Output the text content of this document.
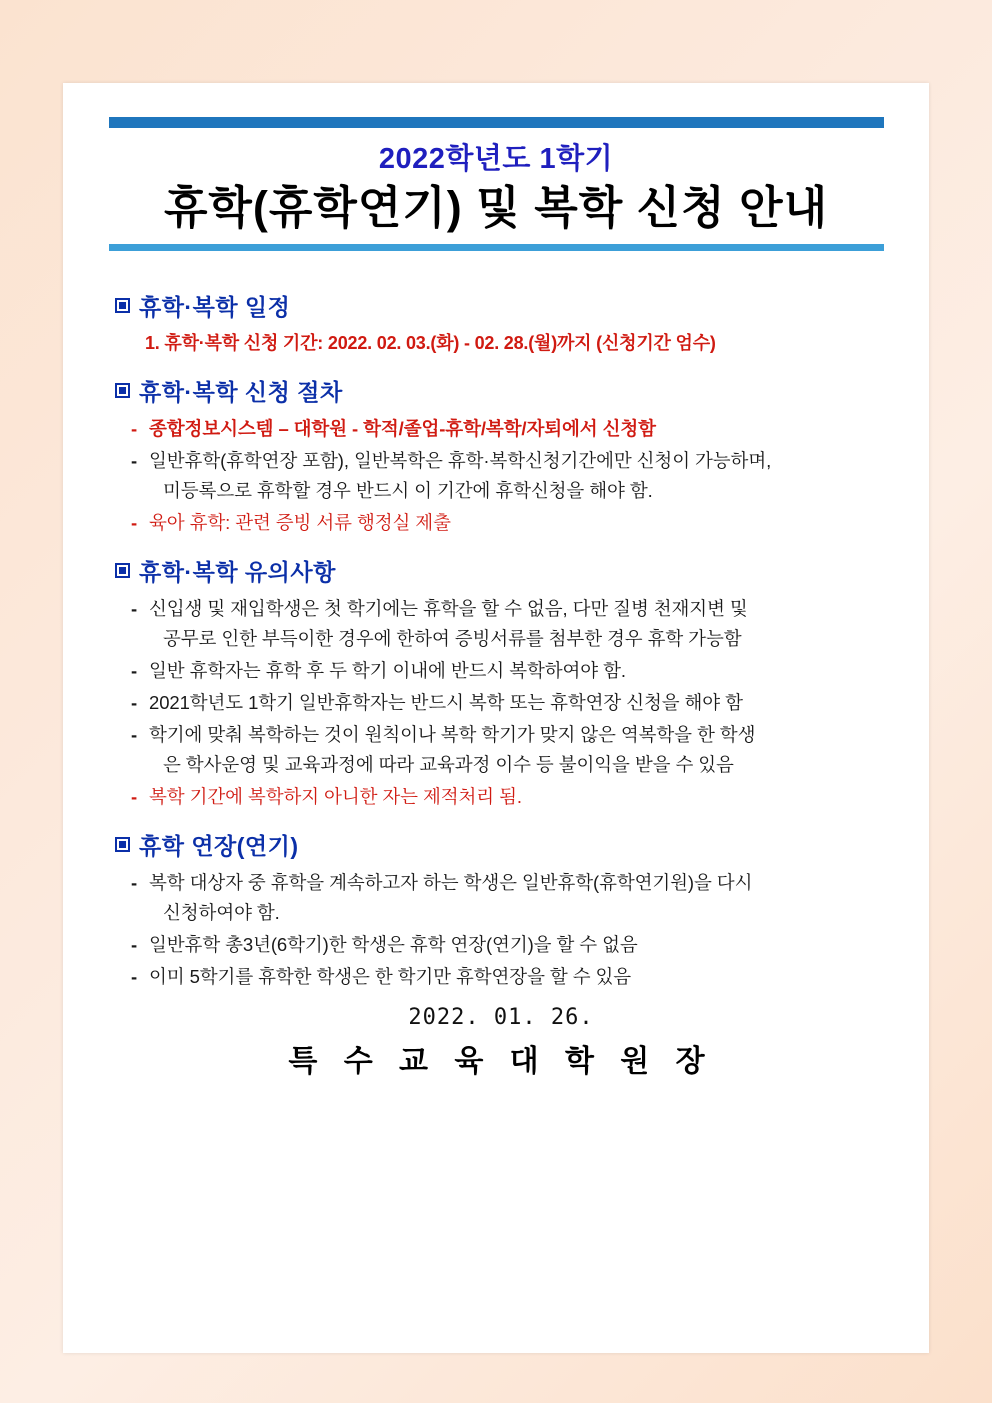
2022학년도 1학기
휴학(휴학연기) 및 복학 신청 안내
휴학·복학 일정
1. 휴학·복학 신청 기간: 2022. 02. 03.(화) - 02. 28.(월)까지 (신청기간 엄수)
휴학·복학 신청 절차
- 종합정보시스템 – 대학원 - 학적/졸업-휴학/복학/자퇴에서 신청함
- 일반휴학(휴학연장 포함), 일반복학은 휴학·복학신청기간에만 신청이 가능하며,
미등록으로 휴학할 경우 반드시 이 기간에 휴학신청을 해야 함.
- 육아 휴학: 관련 증빙 서류 행정실 제출
휴학·복학 유의사항
- 신입생 및 재입학생은 첫 학기에는 휴학을 할 수 없음, 다만 질병 천재지변 및
공무로 인한 부득이한 경우에 한하여 증빙서류를 첨부한 경우 휴학 가능함
- 일반 휴학자는 휴학 후 두 학기 이내에 반드시 복학하여야 함.
- 2021학년도 1학기 일반휴학자는 반드시 복학 또는 휴학연장 신청을 해야 함
- 학기에 맞춰 복학하는 것이 원칙이나 복학 학기가 맞지 않은 역복학을 한 학생
은 학사운영 및 교육과정에 따라 교육과정 이수 등 불이익을 받을 수 있음
- 복학 기간에 복학하지 아니한 자는 제적처리 됨.
휴학 연장(연기)
- 복학 대상자 중 휴학을 계속하고자 하는 학생은 일반휴학(휴학연기원)을 다시
신청하여야 함.
- 일반휴학 총3년(6학기)한 학생은 휴학 연장(연기)을 할 수 없음
- 이미 5학기를 휴학한 학생은 한 학기만 휴학연장을 할 수 있음
2022. 01. 26.
특 수 교 육 대 학 원 장
